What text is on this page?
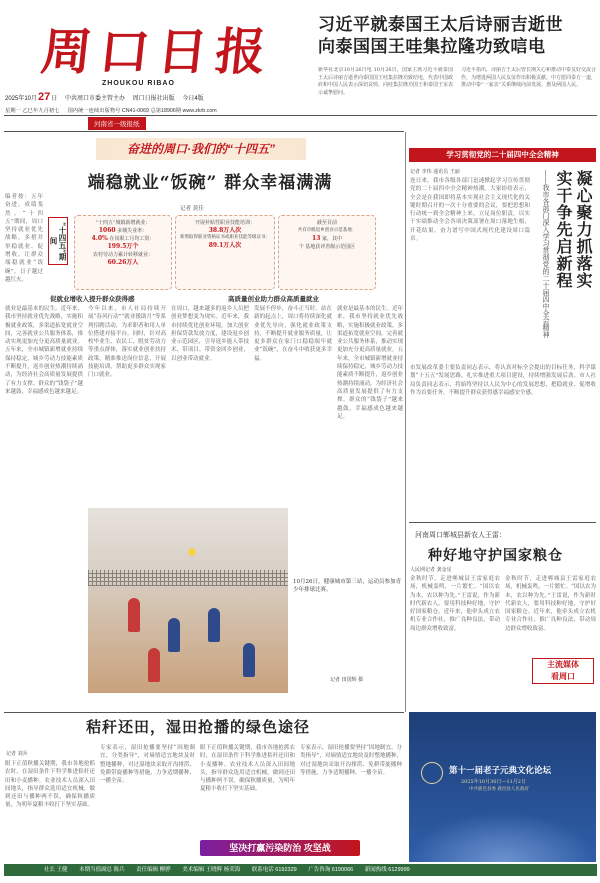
周口日报
ZHOUKOU RIBAO
2025年10月27日 中共周口市委主管主办 周口日报社出版 今日4版
星期一 乙巳年九月初七 国内统一连续出版物号 CN41-0069 总第18906期 www.zkrb.com
河南省一级报纸
习近平就泰国王太后诗丽吉逝世
向泰国国王哇集拉隆功致唁电
新华社北京10月26日电 10月26日，国家主席习近平就泰国王太后诗丽吉逝世向泰国国王哇集拉隆功致唁电，代表中国政府和中国人民表示深切哀悼，向哇集拉隆功国王和泰国王室表示诚挚慰问。
习近平指出，诗丽吉王太后曾长期关心和推动中泰友好交流合作，为增进两国人民友谊作出积极贡献。中方愿同泰方一道，推动中泰“一家亲”关系继续向前发展，惠及两国人民。
奋进的周口·我们的“十四五”
端稳就业“饭碗” 群众幸福满满
记者 黄佳
编者按：五年奋进，成绩斐然。“十四五”期间，周口坚持就业优先战略，多措并举稳就业、促增收，让群众端稳就业“饭碗”，日子越过越红火。
“十四五”期间
“十四五”城镇新增就业：
1060 多城失业率：
4.0% 在岗职工月均工资：
199.5万个
农村劳动力累计转移就业：
60.26万人
开展补贴性职业技能培训：
38.8万人次
新增取得职业资格证书或职业技能等级证书：
89.1万人次
截至目前
共有市级返乡创业示范基地：
13 家，其中
个 基地获评省级示范园区
促就业增收入提升群众获得感	高质量创业助力群众高质量就业
就业是最基本的民生。近年来，我市坚持就业优先战略，实施积极就业政策，多渠道拓宽就业空间，完善就业公共服务体系，推动实现更加充分更高质量就业。五年来，全市城镇新增就业持续保持稳定，城乡劳动力技能素质不断提升，返乡创业热潮持续涌动，为经济社会高质量发展提供了有力支撑。群众的“钱袋子”越来越鼓，幸福感成色越来越足。
今年以来，市人社局持续开展“春风行动”“就业援助月”等系列招聘活动，为求职者和用人单位搭建对接平台。同时，针对高校毕业生、农民工、脱贫劳动力等重点群体，落实就业创业扶持政策，精准推送岗位信息，开展技能培训，帮助更多群众实现家门口就业。
在周口，越来越多的返乡人员把创业梦想变为现实。近年来，我市持续优化创业环境，加大创业担保贷款发放力度，建设返乡创业示范园区，引导返乡能人带技术、带项目、带资金回乡创业，以创业带动就业。
发展不停步，奋斗正当时。站在新的起点上，周口将持续深化就业优先导向，强化就业政策支持，不断提升就业服务质量，让更多群众在家门口稳稳端牢就业“饭碗”，在奋斗中收获更多幸福。
就业是最基本的民生。近年来，我市坚持就业优先战略，实施积极就业政策，多渠道拓宽就业空间，完善就业公共服务体系，推动实现更加充分更高质量就业。五年来，全市城镇新增就业持续保持稳定，城乡劳动力技能素质不断提升，返乡创业热潮持续涌动，为经济社会高质量发展提供了有力支撑。群众的“钱袋子”越来越鼓，幸福感成色越来越足。
10月26日，健康城市第三站，运动员参加青少年排球比赛。
记者 田国辉 摄
学习贯彻党的二十届四中全会精神
记者 李伟 通讯员 王丽
连日来，我市各级各部门迅速掀起学习宣传贯彻党的二十届四中全会精神热潮。大家纷纷表示，全会是在我国即将基本实现社会主义现代化的关键时期召开的一次十分重要的会议，要把思想和行动统一到全会精神上来，立足岗位职责，以实干实绩推动全会各项决策部署在周口落地生根、开花结果，奋力谱写中国式现代化建设周口篇章。
市发展改革委主要负责同志表示，将认真对标全会提出的目标任务，科学谋划“十五五”发展思路，扎实推进重大项目建设，持续增强发展后劲。市人社局负责同志表示，将始终坚持以人民为中心的发展思想，把稳就业、促增收作为首要任务，不断提升群众获得感幸福感安全感。
凝心聚力抓落实
实干争先启新程
——我市各部门深入学习贯彻党的二十届四中全会精神
河南周口郸城县新农人王雷：
种好地守护国家粮仓
人民网记者 龚金星
金秋时节，走进郸城县王雷家庭农场，机械轰鸣，一片繁忙。“国以农为本，农以种为先。”王雷说，作为新时代新农人，要用科技种好地，守护好国家粮仓。近年来，他牵头成立农机专业合作社，推广良种良法，带动周边群众增收致富。
金秋时节，走进郸城县王雷家庭农场，机械轰鸣，一片繁忙。“国以农为本，农以种为先。”王雷说，作为新时代新农人，要用科技种好地，守护好国家粮仓。近年来，他牵头成立农机专业合作社，推广良种良法，带动周边群众增收致富。
主流媒体
看周口
秸秆还田，湿田抢播的绿色途径
记者 刘兵
眼下正值秋播关键期，我市各地抢抓农时，在湿田条件下科学推进秸秆还田和小麦播种。农业技术人员深入田间地头，指导群众选用适宜机械，做到还田与播种两不误，确保秋播质量，为明年夏粮丰收打下坚实基础。
专家表示，湿田抢播要坚持“因地制宜、分类指导”，对墒情适宜地块及时整地播种，对过湿地块采取开沟排涝、免耕带旋播种等措施，力争适期播种、一播全苗。
眼下正值秋播关键期，我市各地抢抓农时，在湿田条件下科学推进秸秆还田和小麦播种。农业技术人员深入田间地头，指导群众选用适宜机械，做到还田与播种两不误，确保秋播质量，为明年夏粮丰收打下坚实基础。
专家表示，湿田抢播要坚持“因地制宜、分类指导”，对墒情适宜地块及时整地播种，对过湿地块采取开沟排涝、免耕带旋播种等措施，力争适期播种、一播全苗。
坚决打赢污染防治 攻坚战
第十一届老子元典文化论坛
2025年10月30日—11月2日
中共鹿邑县委 鹿邑县人民政府
社长 王健 本期当值副总 陈兵 责任编辑 柳骅 美术编辑 王晓辉 杨荣海 联系电话 6192329 广告咨询 6190066 新闻热线 6129999
